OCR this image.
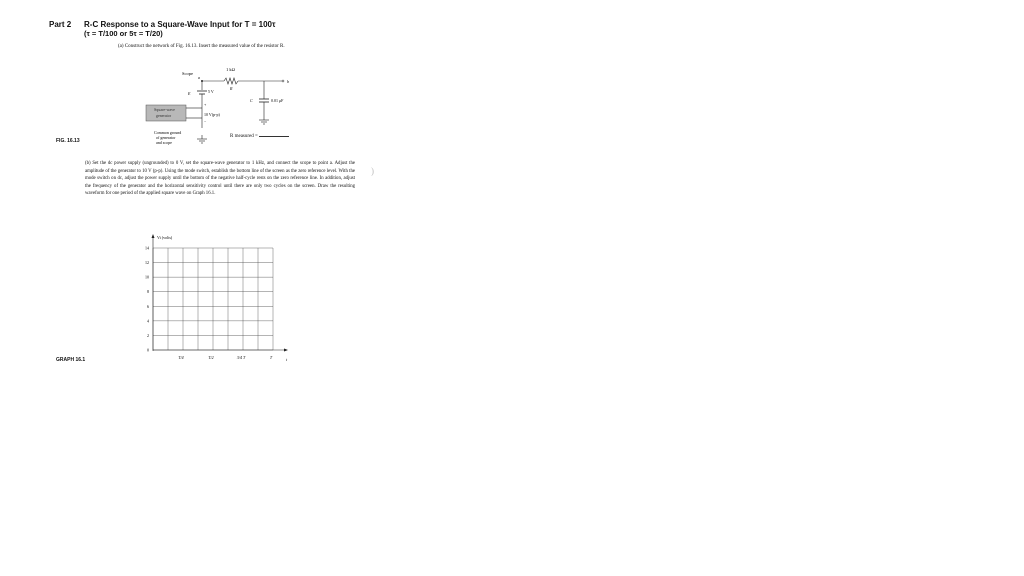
Part 2 R-C Response to a Square-Wave Input for T = 100τ
(τ = T/100 or 5τ = T/20)
(a) Construct the network of Fig. 16.13. Insert the measured value of the resistor R.
Scope
a
1 kΩ
R
b
E	5 V
Square-wave
generator
+
10 V(p-p)
−
Common ground
of generator
and scope
C	0.01 μF
FIG. 16.13
R measured =
(b) Set the dc power supply (ungrounded) to 0 V, set the square-wave generator to 1 kHz, and connect the scope to point a. Adjust the amplitude of the generator to 10 V (p-p). Using the mode switch, establish the bottom line of the screen as the zero reference level. With the mode switch on dc, adjust the power supply until the bottom of the negative half-cycle rests on the zero reference line. In addition, adjust the frequency of the generator and the horizontal sensitivity control until there are only two cycles on the screen. Draw the resulting waveform for one period of the applied square wave on Graph 16.1.
)
14
12
10
8
6
4
2
0
T/4	T/2	3/4 T	T
Vi (volts)
t
GRAPH 16.1
